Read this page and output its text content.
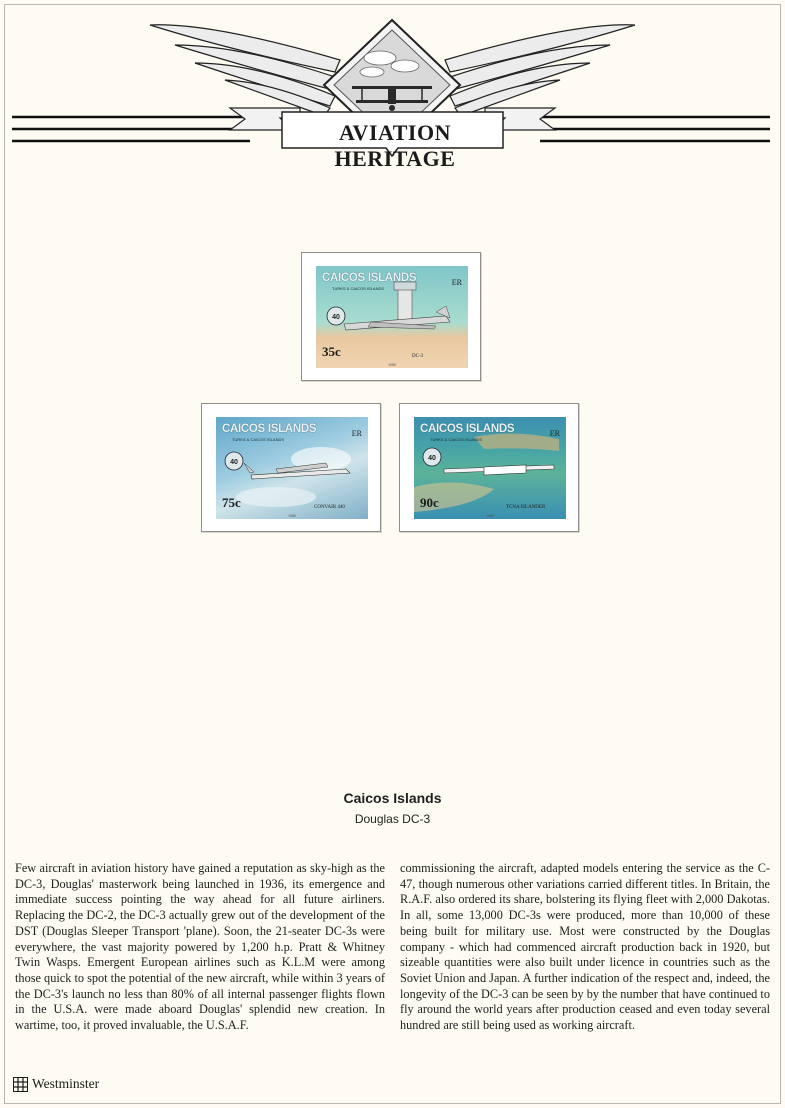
AVIATION HERITAGE
40
CAICOS ISLANDS
TURKS & CAICOS ISLANDS
ER
35c	DC-3
1985
40
CAICOS ISLANDS
TURKS & CAICOS ISLANDS
ER
75c	CONVAIR 440
1985
40
CAICOS ISLANDS
TURKS & CAICOS ISLANDS
ER
90c	TCNA ISLANDER
1985
Caicos Islands
Douglas DC-3
Few aircraft in aviation history have gained a reputation as sky-high as the DC-3, Douglas' masterwork being launched in 1936, its emergence and immediate success pointing the way ahead for all future airliners. Replacing the DC-2, the DC-3 actually grew out of the development of the DST (Douglas Sleeper Transport 'plane). Soon, the 21-seater DC-3s were everywhere, the vast majority powered by 1,200 h.p. Pratt & Whitney Twin Wasps. Emergent European airlines such as K.L.M were among those quick to spot the potential of the new aircraft, while within 3 years of the DC-3's launch no less than 80% of all internal passenger flights flown in the U.S.A. were made aboard Douglas' splendid new creation. In wartime, too, it proved invaluable, the U.S.A.F.
commissioning the aircraft, adapted models entering the service as the C-47, though numerous other variations carried different titles. In Britain, the R.A.F. also ordered its share, bolstering its flying fleet with 2,000 Dakotas. In all, some 13,000 DC-3s were produced, more than 10,000 of these being built for military use. Most were constructed by the Douglas company - which had commenced aircraft production back in 1920, but sizeable quantities were also built under licence in countries such as the Soviet Union and Japan. A further indication of the respect and, indeed, the longevity of the DC-3 can be seen by by the number that have continued to fly around the world years after production ceased and even today several hundred are still being used as working aircraft.
Westminster
